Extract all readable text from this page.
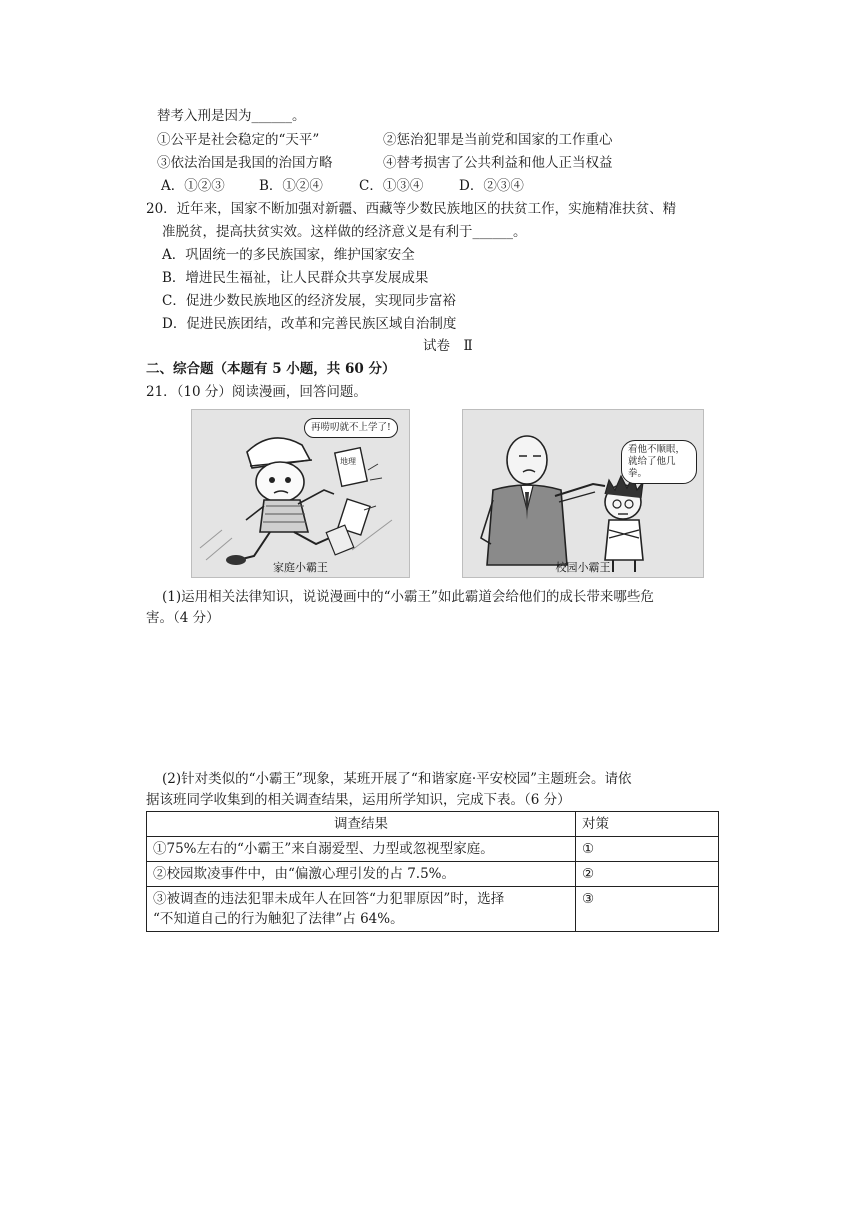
替考入刑是因为______。
①公平是社会稳定的“天平”	②惩治犯罪是当前党和国家的工作重心
③依法治国是我国的治国方略	④替考损害了公共利益和他人正当权益
A．①②③	B．①②④	C．①③④	D．②③④
20．近年来，国家不断加强对新疆、西藏等少数民族地区的扶贫工作，实施精准扶贫、精
准脱贫，提高扶贫实效。这样做的经济意义是有利于______。
A．巩固统一的多民族国家，维护国家安全
B．增进民生福祉，让人民群众共享发展成果
C．促进少数民族地区的经济发展，实现同步富裕
D．促进民族团结，改革和完善民族区域自治制度
试卷　Ⅱ
二、综合题（本题有 5 小题，共 60 分）
21．（10 分）阅读漫画，回答问题。
再唠叨就不上学了!
地理
家庭小霸王
看他不顺眼，就给了他几拳。
校园小霸王
(1)运用相关法律知识，说说漫画中的“小霸王”如此霸道会给他们的成长带来哪些危
害。（4 分）
(2)针对类似的“小霸王”现象，某班开展了“和谐家庭·平安校园”主题班会。请依
据该班同学收集到的相关调查结果，运用所学知识，完成下表。（6 分）
调查结果	对策
①75%左右的“小霸王”来自溺爱型、力型或忽视型家庭。	①
②校园欺凌事件中，由“偏激心理引发的占 7.5%。	②

③被调查的违法犯罪未成年人在回答“力犯罪原因”时，选择
“不知道自己的行为触犯了法律”占 64%。	③
